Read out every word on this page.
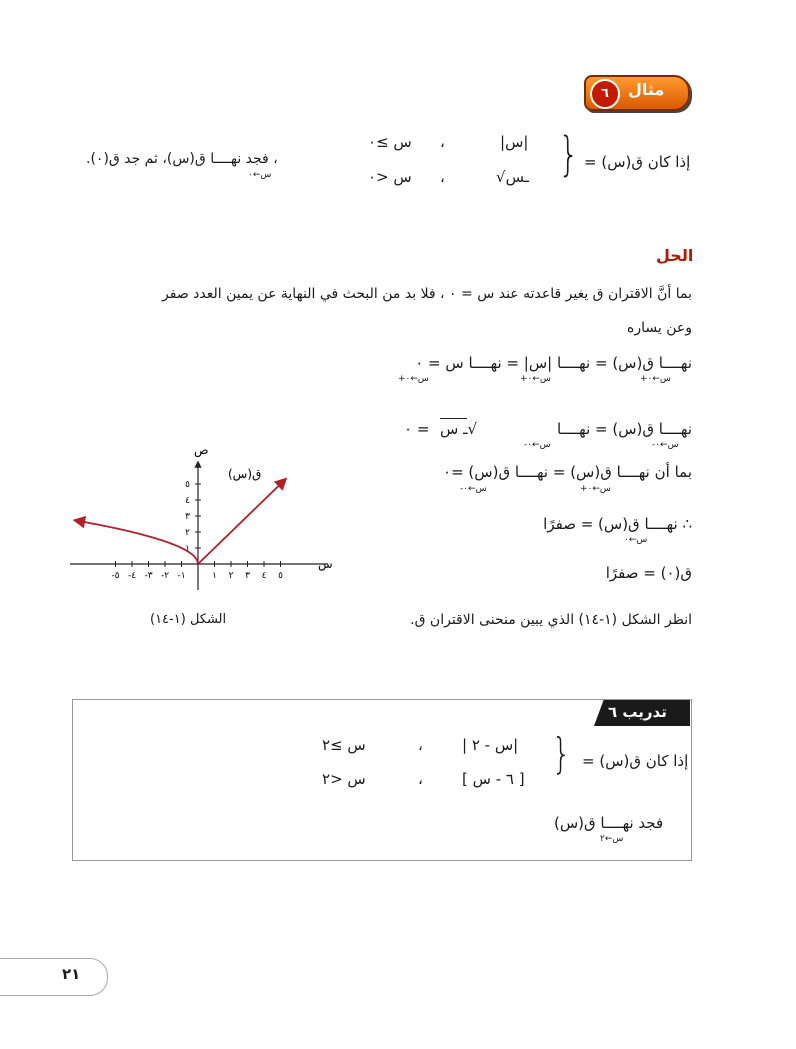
٦	مثال
إذا كان ق(س) =
}
|س|
،
س ≥٠
√ـس
،
س <٠
، فجد نهــــا ق(س)، ثم جد ق(٠).
س←٠
الحل
بما أنَّ الاقتران ق يغير قاعدته عند س = ٠ ، فلا بد من البحث في النهاية عن يمين العدد صفر
وعن يساره
نهــــا ق(س) = نهــــا |س| = نهــــا س = ٠
س←٠+
س←٠+
س←٠+
نهــــا ق(س) = نهــــا
√ـ س
= ٠
س←٠-
س←٠-
بما أن نهــــا ق(س) = نهــــا ق(س) =٠
س←٠+
س←٠-
∴ نهــــا ق(س) = صفرًا
س←٠
ق(٠) = صفرًا
انظر الشكل (١-١٤) الذي يبين منحنى الاقتران ق.
١ ٢ ٣ ٤ ٥
-١
-٢
-٣
-٤
-٥
١
٢
٣
٤
٥
ص
س
ق(س)
الشكل (١-١٤)
تدريب ٦
إذا كان ق(س) =
}
|س - ٢ |
،
س ≥٢
[ ٦ - س ]
،
س <٢
فجد نهــــا ق(س)
س←٢
٢١
